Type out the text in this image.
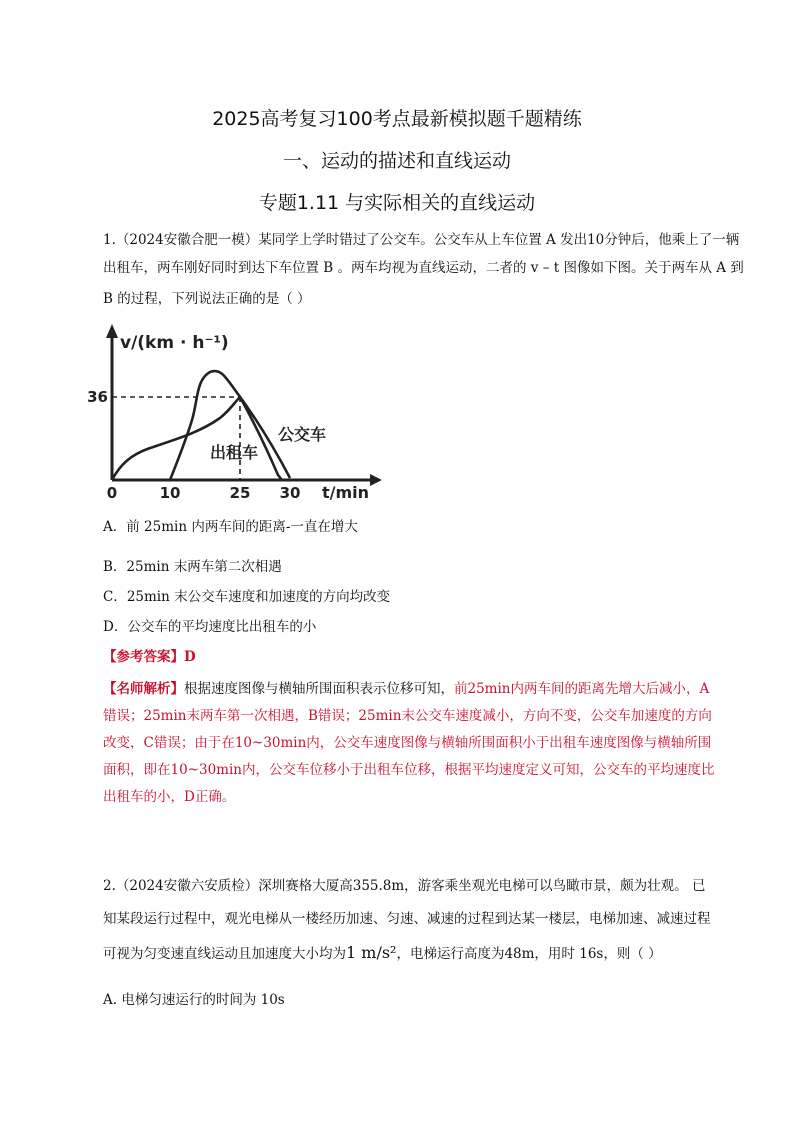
2025高考复习100考点最新模拟题千题精练
一、运动的描述和直线运动
专题1.11 与实际相关的直线运动
1.（2024安徽合肥一模）某同学上学时错过了公交车。公交车从上车位置 A 发出10分钟后，他乘上了一辆
出租车，两车刚好同时到达下车位置 B 。两车均视为直线运动，二者的 v – t 图像如下图。关于两车从 A 到
B 的过程，下列说法正确的是（ ）
v/(km · h⁻¹)
36
0	10	25 30 t/min
公交车
出租车
A．前 25min 内两车间的距离-一直在增大
B．25min 末两车第二次相遇
C．25min 末公交车速度和加速度的方向均改变
D．公交车的平均速度比出租车的小
【参考答案】D
【名师解析】根据速度图像与横轴所围面积表示位移可知，前25min内两车间的距离先增大后减小，A错误；25min末两车第一次相遇，B错误；25min末公交车速度减小，方向不变，公交车加速度的方向改变，C错误；由于在10~30min内，公交车速度图像与横轴所围面积小于出租车速度图像与横轴所围面积，即在10~30min内，公交车位移小于出租车位移，根据平均速度定义可知，公交车的平均速度比出租车的小，D正确。
2.（2024安徽六安质检）深圳赛格大厦高355.8m，游客乘坐观光电梯可以鸟瞰市景，颇为壮观。 已知某段运行过程中，观光电梯从一楼经历加速、匀速、减速的过程到达某一楼层，电梯加速、减速过程可视为匀变速直线运动且加速度大小均为1 m/s²，电梯运行高度为48m，用时 16s，则（ ）
A. 电梯匀速运行的时间为 10s
